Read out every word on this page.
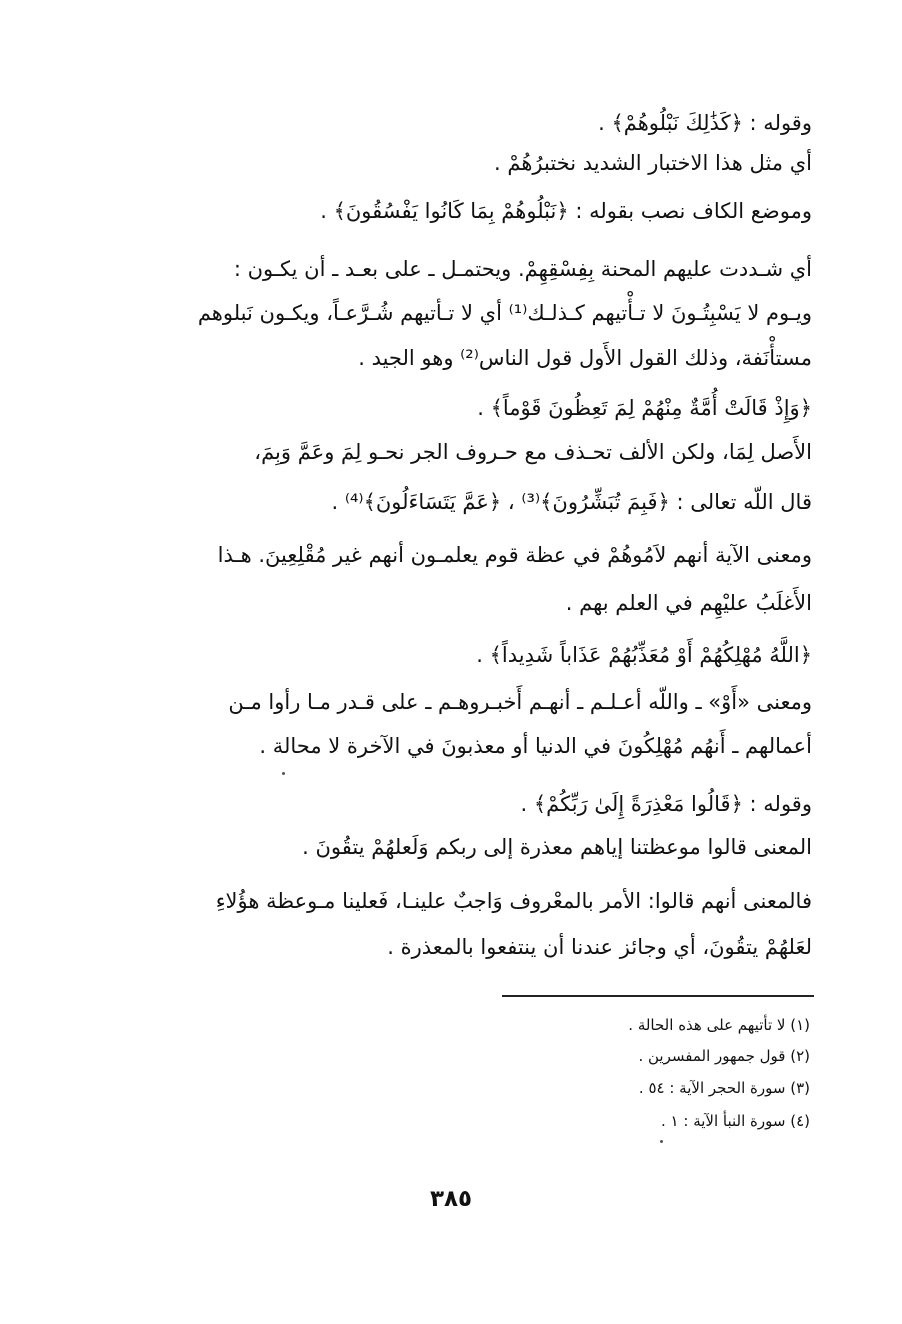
وقوله : ﴿كَذَٰلِكَ نَبْلُوهُمْ﴾ .
أي مثل هذا الاختبار الشديد نختبرُهُمْ .
وموضع الكاف نصب بقوله : ﴿نَبْلُوهُمْ بِمَا كَانُوا يَفْسُقُونَ﴾ .
أي شـددت عليهم المحنة بِفِسْقِهِمْ. ويحتمـل ـ على بعـد ـ أن يكـون :
ويـوم لا يَسْبِتُـونَ لا تـأْتيهم كـذلـك⁽¹⁾ أي لا تـأتيهم شُـرَّعـاً، ويكـون نَبلوهم
مستأْنَفة، وذلك القول الأَول قول الناس⁽²⁾ وهو الجيد .
﴿وَإِذْ قَالَتْ أُمَّةٌ مِنْهُمْ لِمَ تَعِظُونَ قَوْماً﴾ .
الأَصل لِمَا، ولكن الألف تحـذف مع حـروف الجر نحـو لِمَ وعَمَّ وَبِمَ،
قال اللّه تعالى : ﴿فَبِمَ تُبَشِّرُونَ﴾⁽³⁾ ، ﴿عَمَّ يَتَسَاءَلُونَ﴾⁽⁴⁾ .
ومعنى الآية أنهم لاَمُوهُمْ في عظة قوم يعلمـون أنهم غير مُقْلِعِينَ. هـذا
الأَغلَبُ عليْهِم في العلم بهم .
﴿اللَّهُ مُهْلِكُهُمْ أَوْ مُعَذِّبُهُمْ عَذَاباً شَدِيداً﴾ .
ومعنى «أَوْ» ـ واللّه أعـلـم ـ أنهـم أَخبـروهـم ـ على قـدر مـا رأوا مـن
أعمالهم ـ أَنهُم مُهْلِكُونَ في الدنيا أو معذبونَ في الآخرة لا محالة .
وقوله : ﴿قَالُوا مَعْذِرَةً إِلَىٰ رَبِّكُمْ﴾ .
المعنى قالوا موعظتنا إياهم معذرة إلى ربكم وَلَعلهُمْ يتقُونَ .
فالمعنى أنهم قالوا: الأمر بالمعْروف وَاجبٌ علينـا، فَعلينا مـوعظة هؤُلاءِ
لعَلهُمْ يتقُونَ، أي وجائز عندنا أن ينتفعوا بالمعذرة .
(١) لا تأتيهم على هذه الحالة .
(٢) قول جمهور المفسرين .
(٣) سورة الحجر الآية : ٥٤ .
(٤) سورة النبأ الآية : ١ .
٣٨٥
